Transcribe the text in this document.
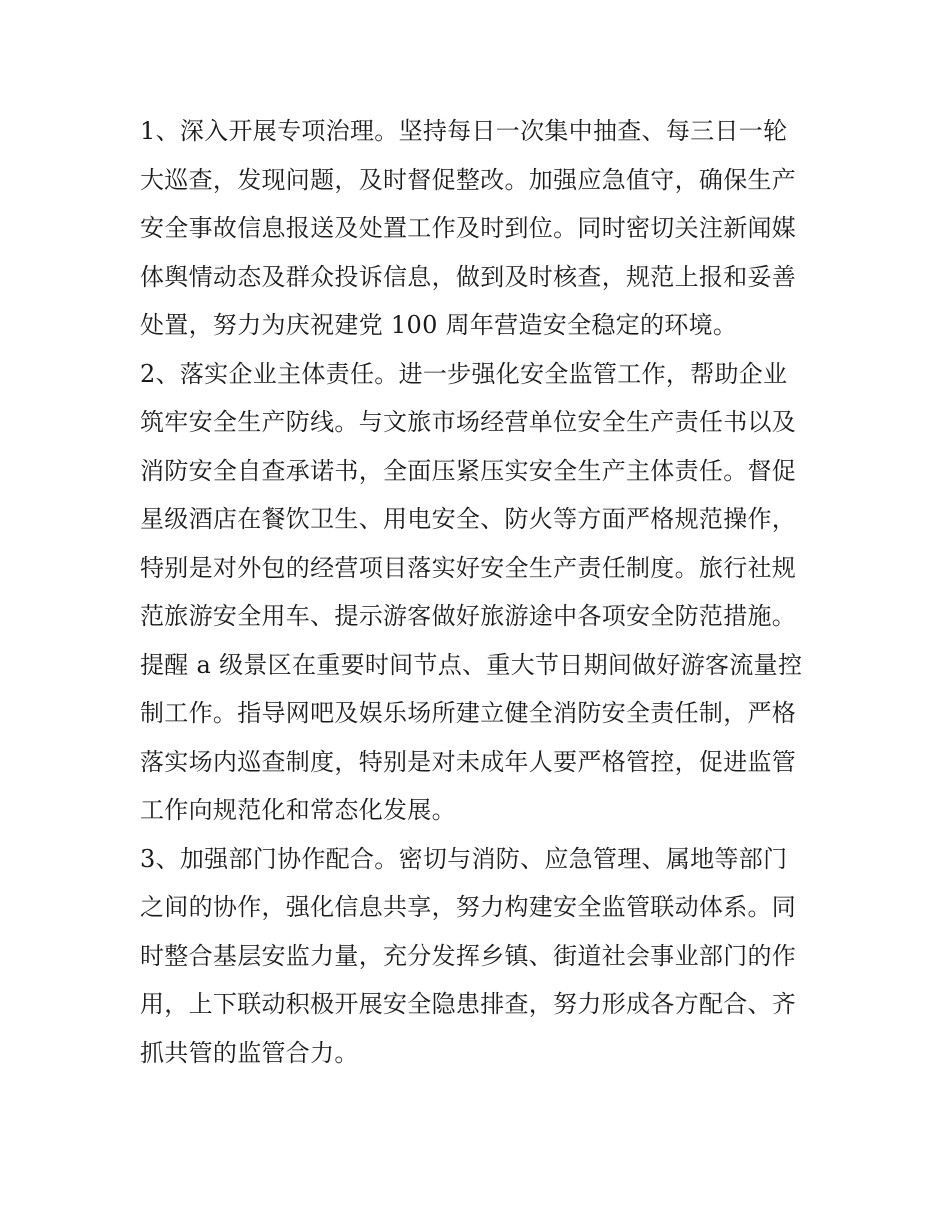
1、深入开展专项治理。坚持每日一次集中抽查、每三日一轮
大巡查，发现问题，及时督促整改。加强应急值守，确保生产
安全事故信息报送及处置工作及时到位。同时密切关注新闻媒
体舆情动态及群众投诉信息，做到及时核查，规范上报和妥善
处置，努力为庆祝建党 100 周年营造安全稳定的环境。
2、落实企业主体责任。进一步强化安全监管工作，帮助企业
筑牢安全生产防线。与文旅市场经营单位安全生产责任书以及
消防安全自查承诺书，全面压紧压实安全生产主体责任。督促
星级酒店在餐饮卫生、用电安全、防火等方面严格规范操作，
特别是对外包的经营项目落实好安全生产责任制度。旅行社规
范旅游安全用车、提示游客做好旅游途中各项安全防范措施。
提醒 a 级景区在重要时间节点、重大节日期间做好游客流量控
制工作。指导网吧及娱乐场所建立健全消防安全责任制，严格
落实场内巡查制度，特别是对未成年人要严格管控，促进监管
工作向规范化和常态化发展。
3、加强部门协作配合。密切与消防、应急管理、属地等部门
之间的协作，强化信息共享，努力构建安全监管联动体系。同
时整合基层安监力量，充分发挥乡镇、街道社会事业部门的作
用，上下联动积极开展安全隐患排查，努力形成各方配合、齐
抓共管的监管合力。
